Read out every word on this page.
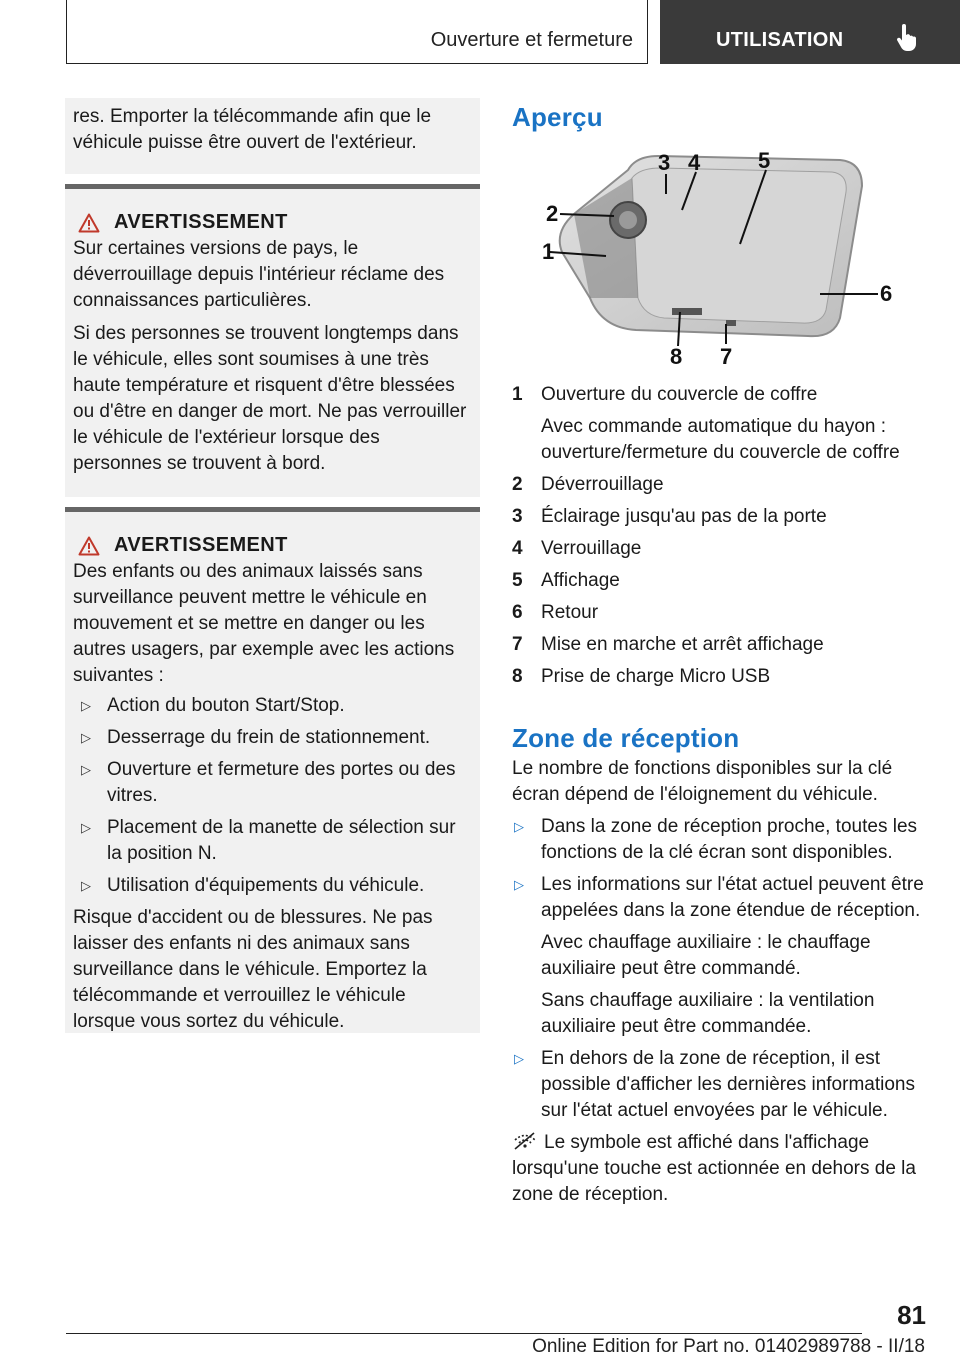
Ouverture et fermeture	UTILISATION

res. Emporter la télécommande afin que le véhicule puisse être ouvert de l'extérieur.

AVERTISSEMENT

Sur certaines versions de pays, le déverrouillage depuis l'intérieur réclame des connaissances particulières.

Si des personnes se trouvent longtemps dans le véhicule, elles sont soumises à une très haute température et risquent d'être blessées ou d'être en danger de mort. Ne pas verrouiller le véhicule de l'extérieur lorsque des personnes se trouvent à bord.

AVERTISSEMENT

Des enfants ou des animaux laissés sans surveillance peuvent mettre le véhicule en mouvement et se mettre en danger ou les autres usagers, par exemple avec les actions suivantes :

▷ Action du bouton Start/Stop.
▷ Desserrage du frein de stationnement.
▷ Ouverture et fermeture des portes ou des vitres.
▷ Placement de la manette de sélection sur la position N.
▷ Utilisation d'équipements du véhicule.

Risque d'accident ou de blessures. Ne pas laisser des enfants ni des animaux sans surveillance dans le véhicule. Emportez la télécommande et verrouillez le véhicule lorsque vous sortez du véhicule.

Aperçu
1
2
3 4	5
6
7
8
1 Ouverture du couvercle de coffre
Avec commande automatique du hayon : ouverture/fermeture du couvercle de coffre
2 Déverrouillage
3 Éclairage jusqu'au pas de la porte
4 Verrouillage
5 Affichage
6 Retour
7 Mise en marche et arrêt affichage
8 Prise de charge Micro USB
Zone de réception

Le nombre de fonctions disponibles sur la clé écran dépend de l'éloignement du véhicule.

▷ Dans la zone de réception proche, toutes les fonctions de la clé écran sont disponibles.
▷ Les informations sur l'état actuel peuvent être appelées dans la zone étendue de réception.

Avec chauffage auxiliaire : le chauffage auxiliaire peut être commandé.

Sans chauffage auxiliaire : la ventilation auxiliaire peut être commandée.

▷ En dehors de la zone de réception, il est possible d'afficher les dernières informations sur l'état actuel envoyées par le véhicule.

Le symbole est affiché dans l'affichage lorsqu'une touche est actionnée en dehors de la zone de réception.

81
Online Edition for Part no. 01402989788 - II/18
